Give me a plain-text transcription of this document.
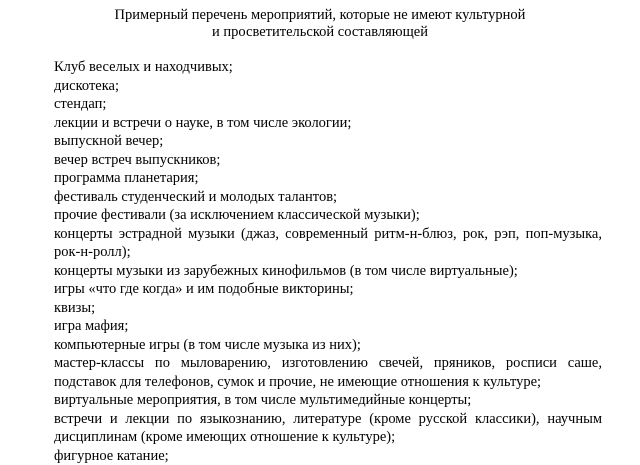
Примерный перечень мероприятий, которые не имеют культурной
и просветительской составляющей
Клуб веселых и находчивых;
дискотека;
стендап;
лекции и встречи о науке, в том числе экологии;
выпускной вечер;
вечер встреч выпускников;
программа планетария;
фестиваль студенческий и молодых талантов;
прочие фестивали (за исключением классической музыки);
концерты эстрадной музыки (джаз, современный ритм-н-блюз, рок, рэп, поп-музыка,
рок-н-ролл);
концерты музыки из зарубежных кинофильмов (в том числе виртуальные);
игры «что где когда» и им подобные викторины;
квизы;
игра мафия;
компьютерные игры (в том числе музыка из них);
мастер-классы по мыловарению, изготовлению свечей, пряников, росписи саше,
подставок для телефонов, сумок и прочие, не имеющие отношения к культуре;
виртуальные мероприятия, в том числе мультимедийные концерты;
встречи и лекции по языкознанию, литературе (кроме русской классики), научным
дисциплинам (кроме имеющих отношение к культуре);
фигурное катание;
